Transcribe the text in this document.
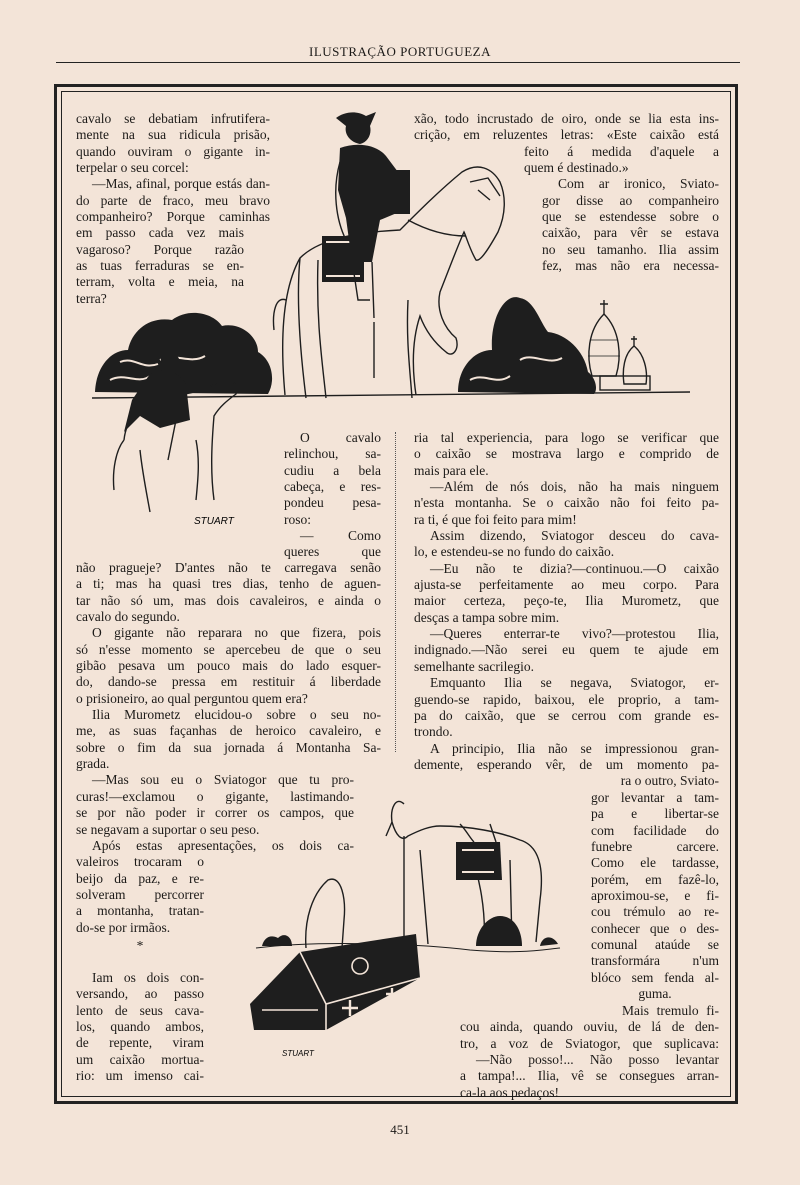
ILUSTRAÇÃO PORTUGUEZA
STUART
STUART

cavalo se debatiam infrutifera-

mente na sua ridicula prisão,

quando ouviram o gigante in-

terpelar o seu corcel:

—Mas, afinal, porque estás dan-

do parte de fraco, meu bravo

companheiro? Porque caminhas

em passo cada vez mais

vagaroso? Porque razão

as tuas ferraduras se en-

terram, volta e meia, na

terra?

xão, todo incrustado de oiro, onde se lia esta ins-

crição, em reluzentes letras: «Este caixão está

feito á medida d'aquele a

quem é destinado.»

Com ar ironico, Sviato-

gor disse ao companheiro

que se estendesse sobre o

caixão, para vêr se estava

no seu tamanho. Ilia assim

fez, mas não era necessa-

O cavalo

relinchou, sa-

cudiu a bela

cabeça, e res-

pondeu pesa-

roso:

— Como

queres que

não pragueje? D'antes não te carregava senão

a ti; mas ha quasi tres dias, tenho de aguen-

tar não só um, mas dois cavaleiros, e ainda o

cavalo do segundo.

O gigante não reparara no que fizera, pois

só n'esse momento se apercebeu de que o seu

gibão pesava um pouco mais do lado esquer-

do, dando-se pressa em restituir á liberdade

o prisioneiro, ao qual perguntou quem era?

Ilia Murometz elucidou-o sobre o seu no-

me, as suas façanhas de heroico cavaleiro, e

sobre o fim da sua jornada á Montanha Sa-

grada.

—Mas sou eu o Sviatogor que tu pro-

curas!—exclamou o gigante, lastimando-

se por não poder ir correr os campos, que

se negavam a suportar o seu peso.

Após estas apresentações, os dois ca-

valeiros trocaram o

beijo da paz, e re-

solveram percorrer

a montanha, tratan-

do-se por irmãos.

*

Iam os dois con-

versando, ao passo

lento de seus cava-

los, quando ambos,

de repente, viram

um caixão mortua-

rio: um imenso cai-

ria tal experiencia, para logo se verificar que

o caixão se mostrava largo e comprido de

mais para ele.

—Além de nós dois, não ha mais ninguem

n'esta montanha. Se o caixão não foi feito pa-

ra ti, é que foi feito para mim!

Assim dizendo, Sviatogor desceu do cava-

lo, e estendeu-se no fundo do caixão.

—Eu não te dizia?—continuou.—O caixão

ajusta-se perfeitamente ao meu corpo. Para

maior certeza, peço-te, Ilia Murometz, que

desças a tampa sobre mim.

—Queres enterrar-te vivo?—protestou Ilia,

indignado.—Não serei eu quem te ajude em

semelhante sacrilegio.

Emquanto Ilia se negava, Sviatogor, er-

guendo-se rapido, baixou, ele proprio, a tam-

pa do caixão, que se cerrou com grande es-

trondo.

A principio, Ilia não se impressionou gran-

demente, esperando vêr, de um momento pa-

ra o outro, Sviato-

gor levantar a tam-

pa e libertar-se

com facilidade do

funebre carcere.

Como ele tardasse,

porém, em fazê-lo,

aproximou-se, e fi-

cou trémulo ao re-

conhecer que o des-

comunal ataúde se

transformára n'um

blóco sem fenda al-

guma.

Mais tremulo fi-

cou ainda, quando ouviu, de lá de den-

tro, a voz de Sviatogor, que suplicava:

—Não posso!... Não posso levantar

a tampa!... Ilia, vê se consegues arran-

ca-la aos pedaços!

451
